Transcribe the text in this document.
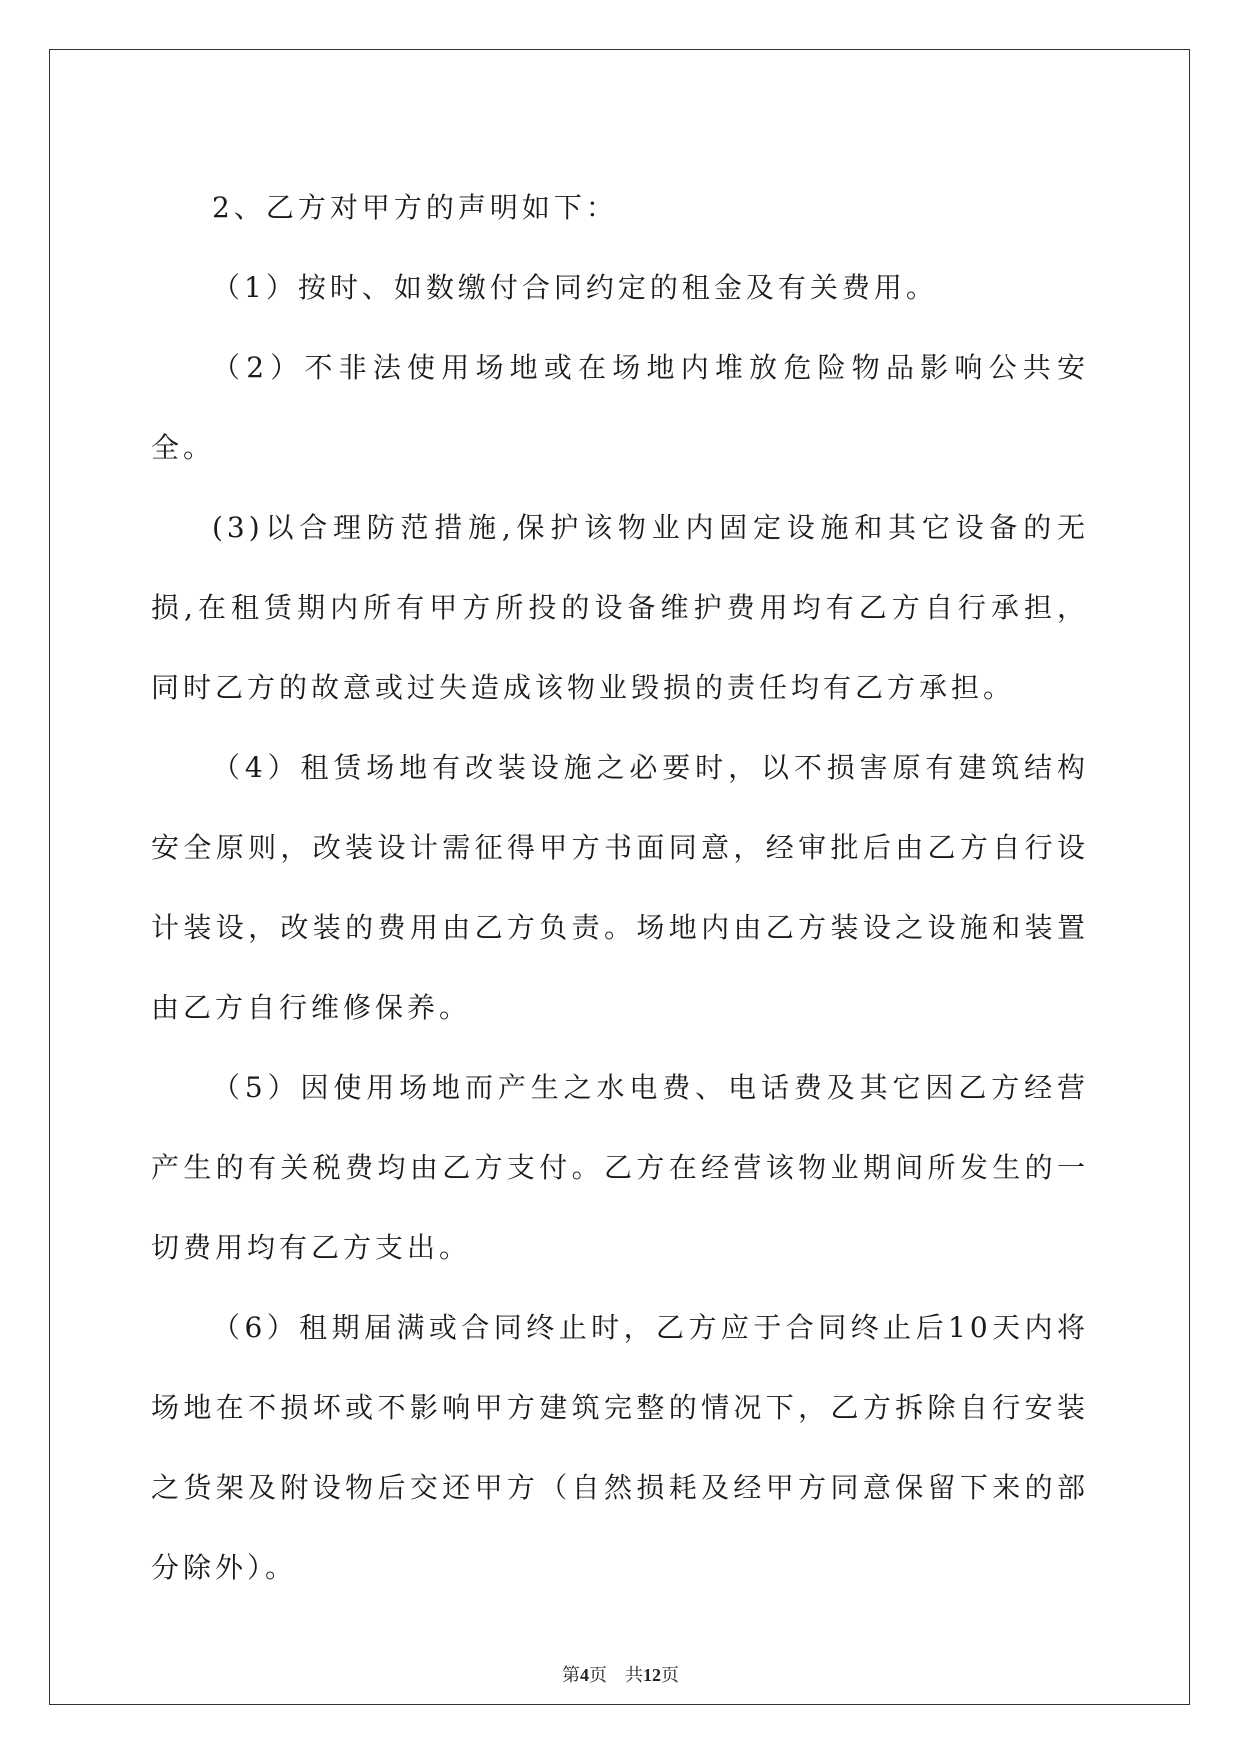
2、乙方对甲方的声明如下：

（1）按时、如数缴付合同约定的租金及有关费用。

（2）不非法使用场地或在场地内堆放危险物品影响公共安全。

(3)以合理防范措施,保护该物业内固定设施和其它设备的无损,在租赁期内所有甲方所投的设备维护费用均有乙方自行承担，同时乙方的故意或过失造成该物业毁损的责任均有乙方承担。

（4）租赁场地有改装设施之必要时，以不损害原有建筑结构安全原则，改装设计需征得甲方书面同意，经审批后由乙方自行设计装设，改装的费用由乙方负责。场地内由乙方装设之设施和装置由乙方自行维修保养。

（5）因使用场地而产生之水电费、电话费及其它因乙方经营产生的有关税费均由乙方支付。乙方在经营该物业期间所发生的一切费用均有乙方支出。

（6）租期届满或合同终止时，乙方应于合同终止后10天内将场地在不损坏或不影响甲方建筑完整的情况下，乙方拆除自行安装之货架及附设物后交还甲方（自然损耗及经甲方同意保留下来的部分除外）。

第4页 共12页
